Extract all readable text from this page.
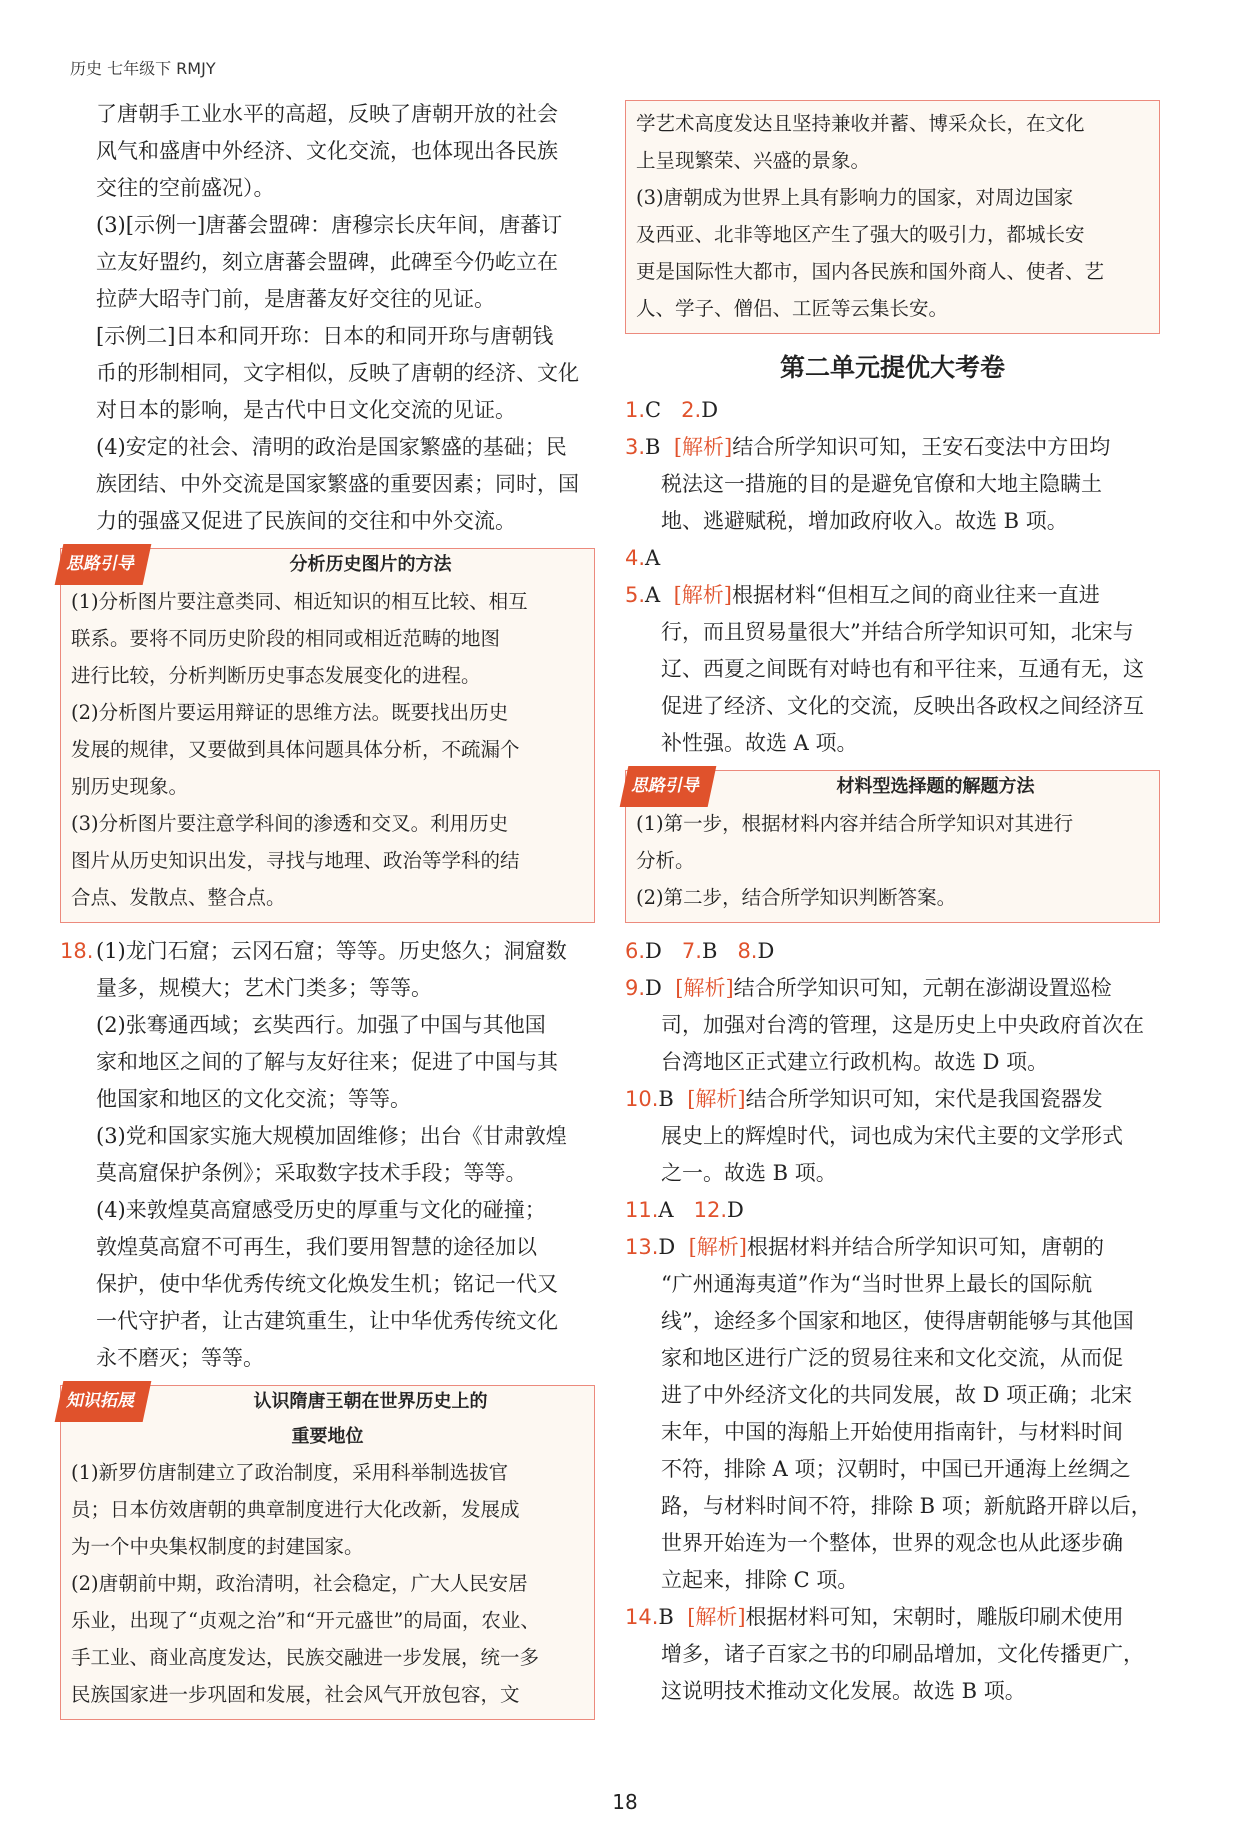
历史 七年级下 RMJY

了唐朝手工业水平的高超，反映了唐朝开放的社会

风气和盛唐中外经济、文化交流，也体现出各民族

交往的空前盛况）。

(3)[示例一]唐蕃会盟碑：唐穆宗长庆年间，唐蕃订

立友好盟约，刻立唐蕃会盟碑，此碑至今仍屹立在

拉萨大昭寺门前，是唐蕃友好交往的见证。

[示例二]日本和同开珎：日本的和同开珎与唐朝钱

币的形制相同，文字相似，反映了唐朝的经济、文化

对日本的影响，是古代中日文化交流的见证。

(4)安定的社会、清明的政治是国家繁盛的基础；民

族团结、中外交流是国家繁盛的重要因素；同时，国

力的强盛又促进了民族间的交往和中外交流。

思路引导	分析历史图片的方法

(1)分析图片要注意类同、相近知识的相互比较、相互

联系。要将不同历史阶段的相同或相近范畴的地图

进行比较，分析判断历史事态发展变化的进程。

(2)分析图片要运用辩证的思维方法。既要找出历史

发展的规律，又要做到具体问题具体分析，不疏漏个

别历史现象。

(3)分析图片要注意学科间的渗透和交叉。利用历史

图片从历史知识出发，寻找与地理、政治等学科的结

合点、发散点、整合点。

18. (1)龙门石窟；云冈石窟；等等。历史悠久；洞窟数

量多，规模大；艺术门类多；等等。

(2)张骞通西域；玄奘西行。加强了中国与其他国

家和地区之间的了解与友好往来；促进了中国与其

他国家和地区的文化交流；等等。

(3)党和国家实施大规模加固维修；出台《甘肃敦煌

莫高窟保护条例》；采取数字技术手段；等等。

(4)来敦煌莫高窟感受历史的厚重与文化的碰撞；

敦煌莫高窟不可再生，我们要用智慧的途径加以

保护，使中华优秀传统文化焕发生机；铭记一代又

一代守护者，让古建筑重生，让中华优秀传统文化

永不磨灭；等等。

知识拓展	认识隋唐王朝在世界历史上的
重要地位

(1)新罗仿唐制建立了政治制度，采用科举制选拔官

员；日本仿效唐朝的典章制度进行大化改新，发展成

为一个中央集权制度的封建国家。

(2)唐朝前中期，政治清明，社会稳定，广大人民安居

乐业，出现了“贞观之治”和“开元盛世”的局面，农业、

手工业、商业高度发达，民族交融进一步发展，统一多

民族国家进一步巩固和发展，社会风气开放包容，文

学艺术高度发达且坚持兼收并蓄、博采众长，在文化

上呈现繁荣、兴盛的景象。

(3)唐朝成为世界上具有影响力的国家，对周边国家

及西亚、北非等地区产生了强大的吸引力，都城长安

更是国际性大都市，国内各民族和国外商人、使者、艺

人、学子、僧侣、工匠等云集长安。

第二单元提优大考卷

1.C 2.D

3.B [解析]结合所学知识可知，王安石变法中方田均

税法这一措施的目的是避免官僚和大地主隐瞒土

地、逃避赋税，增加政府收入。故选 B 项。

4.A

5.A [解析]根据材料“但相互之间的商业往来一直进

行，而且贸易量很大”并结合所学知识可知，北宋与

辽、西夏之间既有对峙也有和平往来，互通有无，这

促进了经济、文化的交流，反映出各政权之间经济互

补性强。故选 A 项。

思路引导	材料型选择题的解题方法

(1)第一步，根据材料内容并结合所学知识对其进行

分析。

(2)第二步，结合所学知识判断答案。

6.D 7.B 8.D

9.D [解析]结合所学知识可知，元朝在澎湖设置巡检

司，加强对台湾的管理，这是历史上中央政府首次在

台湾地区正式建立行政机构。故选 D 项。

10.B [解析]结合所学知识可知，宋代是我国瓷器发

展史上的辉煌时代，词也成为宋代主要的文学形式

之一。故选 B 项。

11.A 12.D

13.D [解析]根据材料并结合所学知识可知，唐朝的

“广州通海夷道”作为“当时世界上最长的国际航

线”，途经多个国家和地区，使得唐朝能够与其他国

家和地区进行广泛的贸易往来和文化交流，从而促

进了中外经济文化的共同发展，故 D 项正确；北宋

末年，中国的海船上开始使用指南针，与材料时间

不符，排除 A 项；汉朝时，中国已开通海上丝绸之

路，与材料时间不符，排除 B 项；新航路开辟以后，

世界开始连为一个整体，世界的观念也从此逐步确

立起来，排除 C 项。

14.B [解析]根据材料可知，宋朝时，雕版印刷术使用

增多，诸子百家之书的印刷品增加，文化传播更广，

这说明技术推动文化发展。故选 B 项。

18
